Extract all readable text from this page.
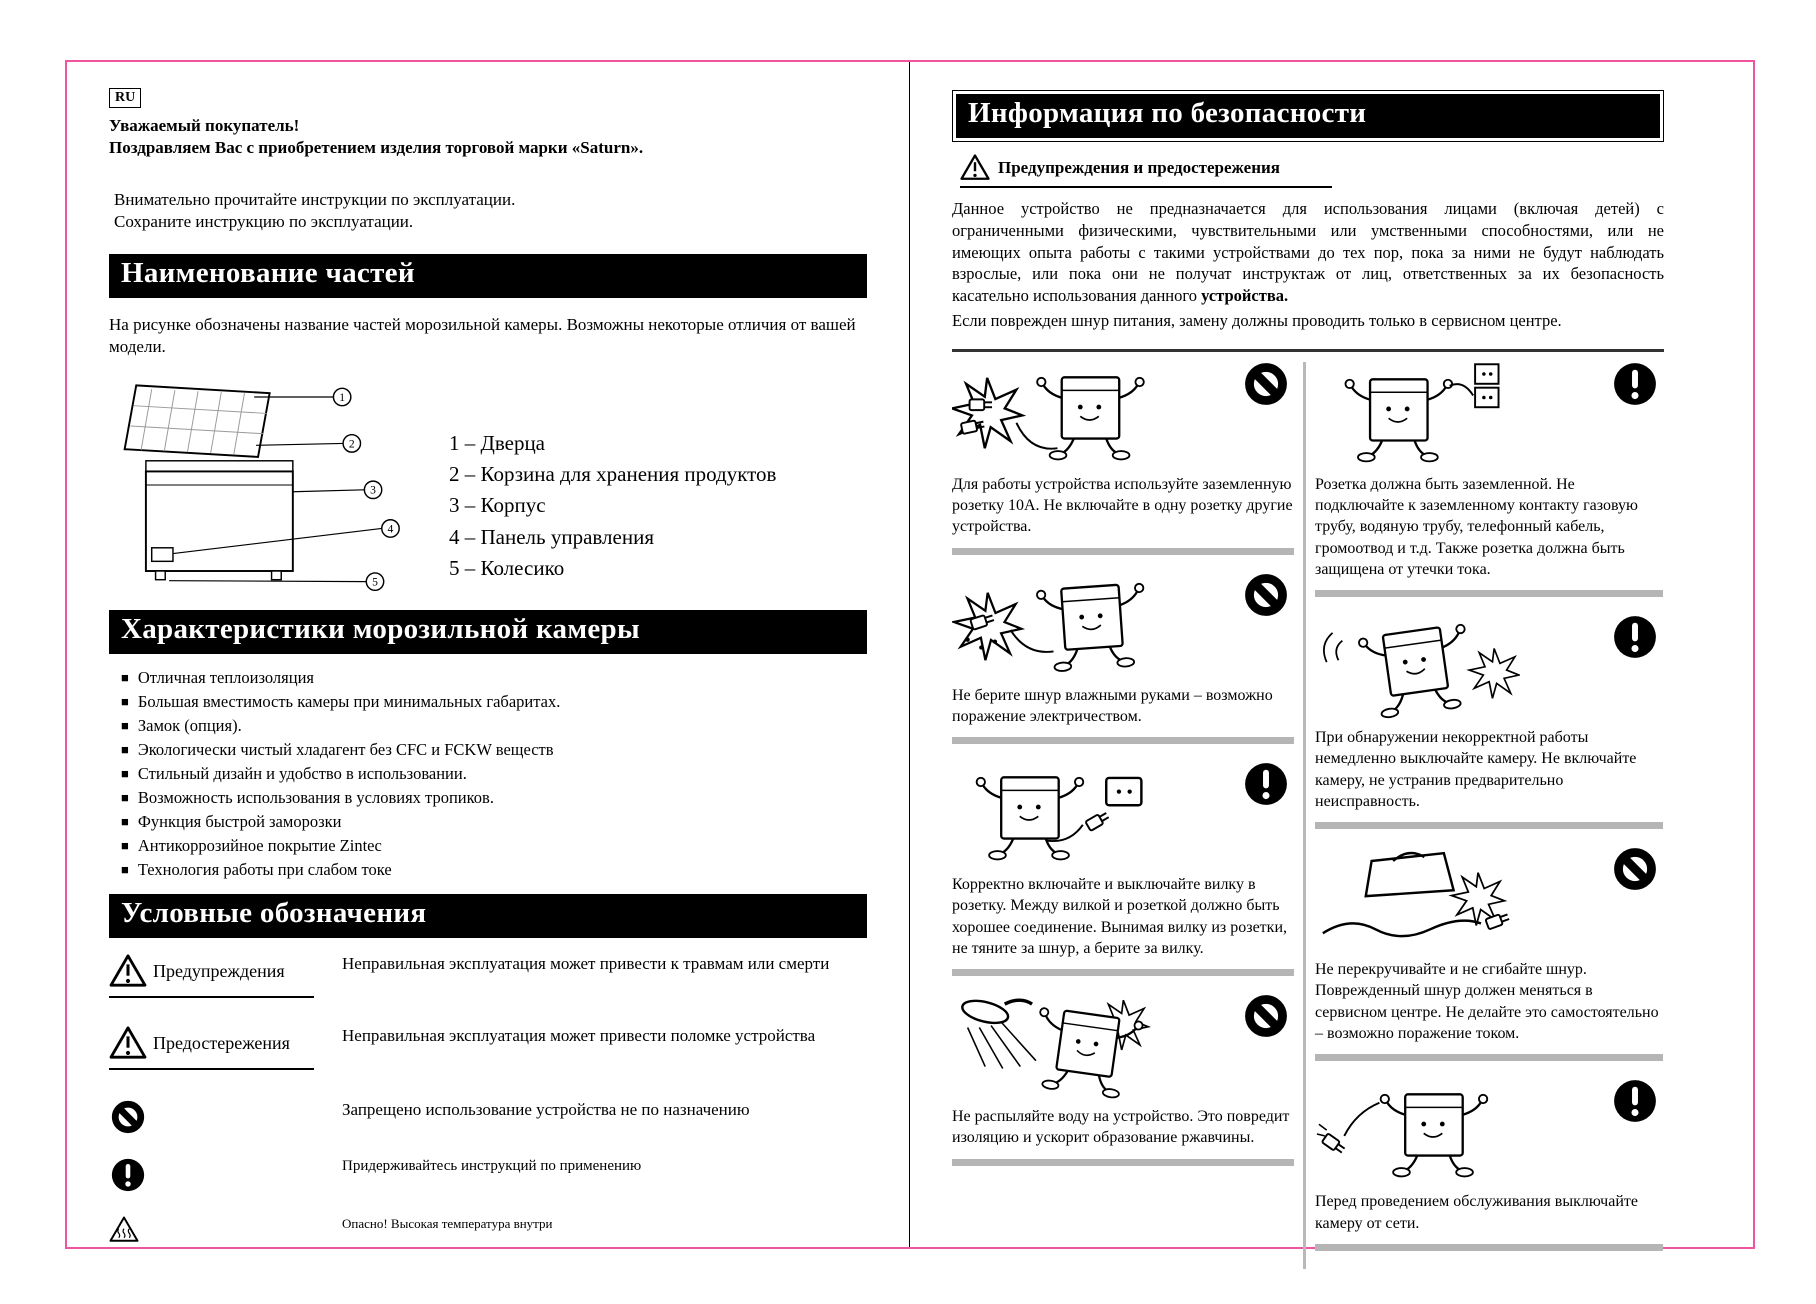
RU
Уважаемый покупатель!
Поздравляем Вас с приобретением изделия торговой марки «Saturn».
Внимательно прочитайте инструкции по эксплуатации.
Сохраните инструкцию по эксплуатации.
Наименование частей
На рисунке обозначены название частей морозильной камеры. Возможны некоторые отличия от вашей модели.
1
2
3
4
5
1 – Дверца
2 – Корзина для хранения продуктов
3 – Корпус
4 – Панель управления
5 – Колесико
Характеристики морозильной камеры
■ Отличная теплоизоляция
■ Большая вместимость камеры при минимальных габаритах.
■ Замок (опция).
■ Экологически чистый хладагент без CFC и FCKW веществ
■ Стильный дизайн и удобство в использовании.
■ Возможность использования в условиях тропиков.
■ Функция быстрой заморозки
■ Антикоррозийное покрытие Zintec
■ Технология работы при слабом токе
Условные обозначения
Предупреждения	Неправильная эксплуатация может привести к травмам или смерти
Предостережения	Неправильная эксплуатация может привести поломке устройства
Запрещено использование устройства не по назначению
Придерживайтесь инструкций по применению
Опасно! Высокая температура внутри
Информация по безопасности
Предупреждения и предостережения

Данное устройство не предназначается для использования лицами (включая детей) с ограниченными физическими, чувствительными или умственными способностями, или не имеющих опыта работы с такими устройствами до тех пор, пока за ними не будут наблюдать взрослые, или пока они не получат инструктаж от лиц, ответственных за их безопасность касательно использования данного устройства.

Если поврежден шнур питания, замену должны проводить только в сервисном центре.

Для работы устройства используйте заземленную розетку 10А. Не включайте в одну розетку другие устройства.

Не берите шнур влажными руками – возможно поражение электричеством.

Корректно включайте и выключайте вилку в розетку. Между вилкой и розеткой должно быть хорошее соединение. Вынимая вилку из розетки, не тяните за шнур, а берите за вилку.

Не распыляйте воду на устройство. Это повредит изоляцию и ускорит образование ржавчины.

Розетка должна быть заземленной. Не подключайте к заземленному контакту газовую трубу, водяную трубу, телефонный кабель, громоотвод и т.д. Также розетка должна быть защищена от утечки тока.

При обнаружении некорректной работы немедленно выключайте камеру. Не включайте камеру, не устранив предварительно неисправность.

Не перекручивайте и не сгибайте шнур. Поврежденный шнур должен меняться в сервисном центре. Не делайте это самостоятельно – возможно поражение током.

Перед проведением обслуживания выключайте камеру от сети.
